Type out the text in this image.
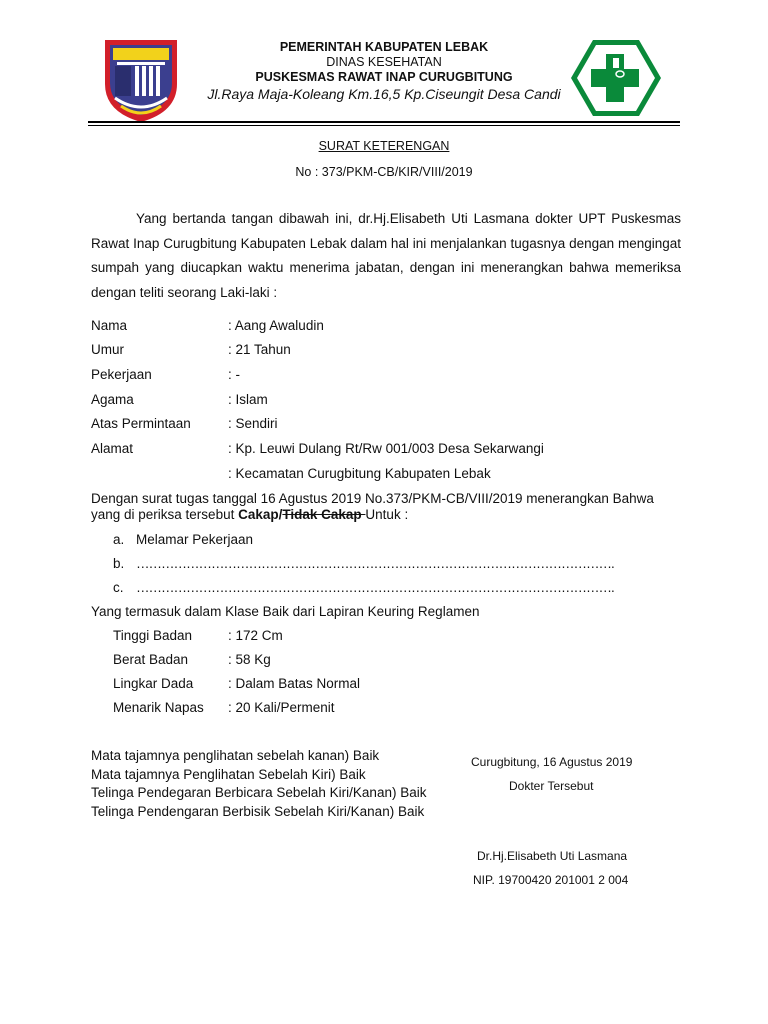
PEMERINTAH KABUPATEN LEBAK
DINAS KESEHATAN
PUSKESMAS RAWAT INAP CURUGBITUNG
Jl.Raya Maja-Koleang Km.16,5 Kp.Ciseungit Desa Candi
SURAT KETERENGAN
No : 373/PKM-CB/KIR/VIII/2019
Yang bertanda tangan dibawah ini, dr.Hj.Elisabeth Uti Lasmana dokter UPT Puskesmas Rawat Inap Curugbitung Kabupaten Lebak dalam hal ini menjalankan tugasnya dengan mengingat sumpah yang diucapkan waktu menerima jabatan, dengan ini menerangkan bahwa memeriksa dengan teliti seorang Laki-laki :
Nama	: Aang Awaludin
Umur	: 21 Tahun
Pekerjaan	: -
Agama	: Islam
Atas Permintaan	: Sendiri
Alamat	: Kp. Leuwi Dulang Rt/Rw 001/003 Desa Sekarwangi
: Kecamatan Curugbitung Kabupaten Lebak
Dengan surat tugas tanggal 16 Agustus 2019 No.373/PKM-CB/VIII/2019 menerangkan Bahwa
yang di periksa tersebut Cakap/Tidak Cakap Untuk :
a. Melamar Pekerjaan
b. …………………………………………………………………………………………………….
c. …………………………………………………………………………………………………….
Yang termasuk dalam Klase Baik dari Lapiran Keuring Reglamen
Tinggi Badan	: 172 Cm
Berat Badan	: 58 Kg
Lingkar Dada	: Dalam Batas Normal
Menarik Napas : 20 Kali/Permenit
Mata tajamnya penglihatan sebelah kanan) Baik
Mata tajamnya Penglihatan Sebelah Kiri) Baik
Telinga Pendegaran Berbicara Sebelah Kiri/Kanan) Baik
Telinga Pendengaran Berbisik Sebelah Kiri/Kanan) Baik
Curugbitung, 16 Agustus 2019
Dokter Tersebut
Dr.Hj.Elisabeth Uti Lasmana
NIP. 19700420 201001 2 004
